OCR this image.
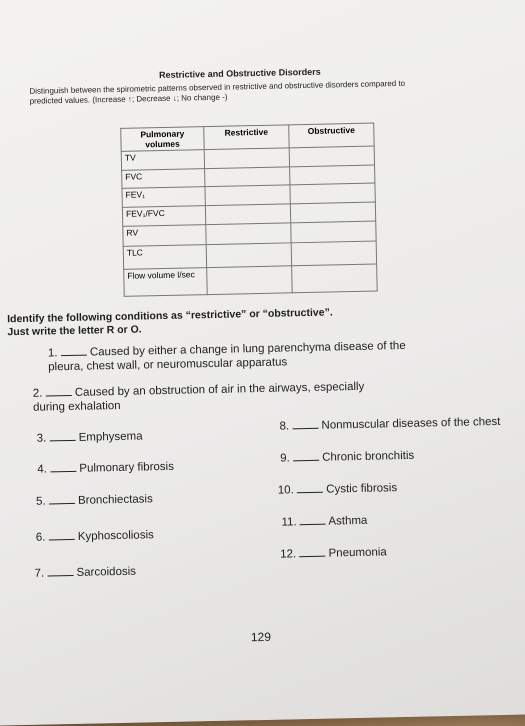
Restrictive and Obstructive Disorders
Distinguish between the spirometric patterns observed in restrictive and obstructive disorders compared to predicted values. (Increase ↑; Decrease ↓; No change -)
Pulmonary volumes	Restrictive	Obstructive
TV		
FVC		
FEV₁		
FEV₁/FVC		
RV		
TLC		
Flow volume l/sec		
Identify the following conditions as “restrictive” or “obstructive”. Just write the letter R or O.
1.	Caused by either a change in lung parenchyma disease of the pleura, chest wall, or neuromuscular apparatus
2.	Caused by an obstruction of air in the airways, especially during exhalation
3.	Emphysema
4.	Pulmonary fibrosis
5.	Bronchiectasis
6.	Kyphoscoliosis
7.	Sarcoidosis
8.	Nonmuscular diseases of the chest
9.	Chronic bronchitis
10.	Cystic fibrosis
11.	Asthma
12.	Pneumonia
129
